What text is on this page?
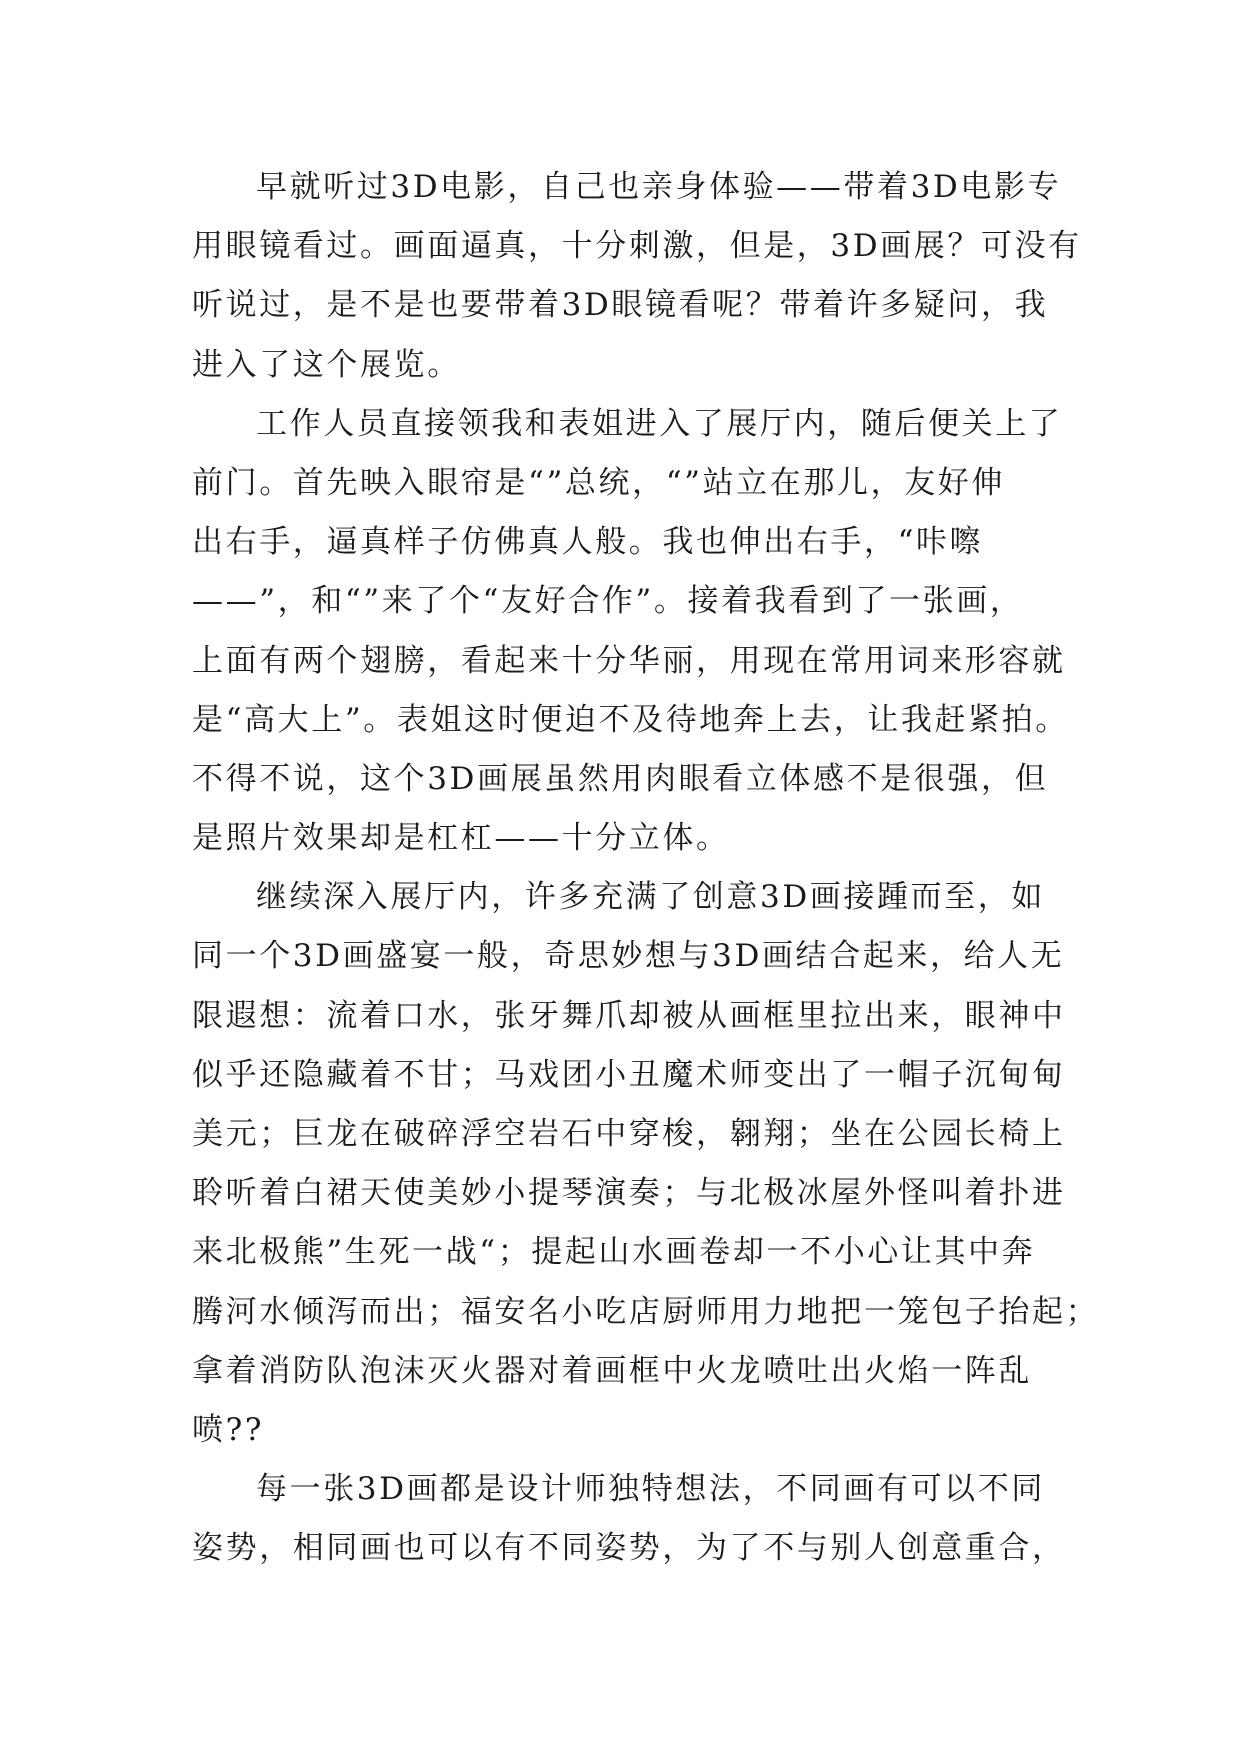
早就听过3D电影，自己也亲身体验——带着3D电影专
用眼镜看过。画面逼真，十分刺激，但是，3D画展？可没有
听说过，是不是也要带着3D眼镜看呢？带着许多疑问，我
进入了这个展览。
工作人员直接领我和表姐进入了展厅内，随后便关上了
前门。首先映入眼帘是“”总统，“”站立在那儿，友好伸
出右手，逼真样子仿佛真人般。我也伸出右手，“咔嚓
——”，和“”来了个“友好合作”。接着我看到了一张画，
上面有两个翅膀，看起来十分华丽，用现在常用词来形容就
是“高大上”。表姐这时便迫不及待地奔上去，让我赶紧拍。
不得不说，这个3D画展虽然用肉眼看立体感不是很强，但
是照片效果却是杠杠——十分立体。
继续深入展厅内，许多充满了创意3D画接踵而至，如
同一个3D画盛宴一般，奇思妙想与3D画结合起来，给人无
限遐想：流着口水，张牙舞爪却被从画框里拉出来，眼神中
似乎还隐藏着不甘；马戏团小丑魔术师变出了一帽子沉甸甸
美元；巨龙在破碎浮空岩石中穿梭，翱翔；坐在公园长椅上
聆听着白裙天使美妙小提琴演奏；与北极冰屋外怪叫着扑进
来北极熊”生死一战“；提起山水画卷却一不小心让其中奔
腾河水倾泻而出；福安名小吃店厨师用力地把一笼包子抬起；
拿着消防队泡沫灭火器对着画框中火龙喷吐出火焰一阵乱
喷??
每一张3D画都是设计师独特想法，不同画有可以不同
姿势，相同画也可以有不同姿势，为了不与别人创意重合，
